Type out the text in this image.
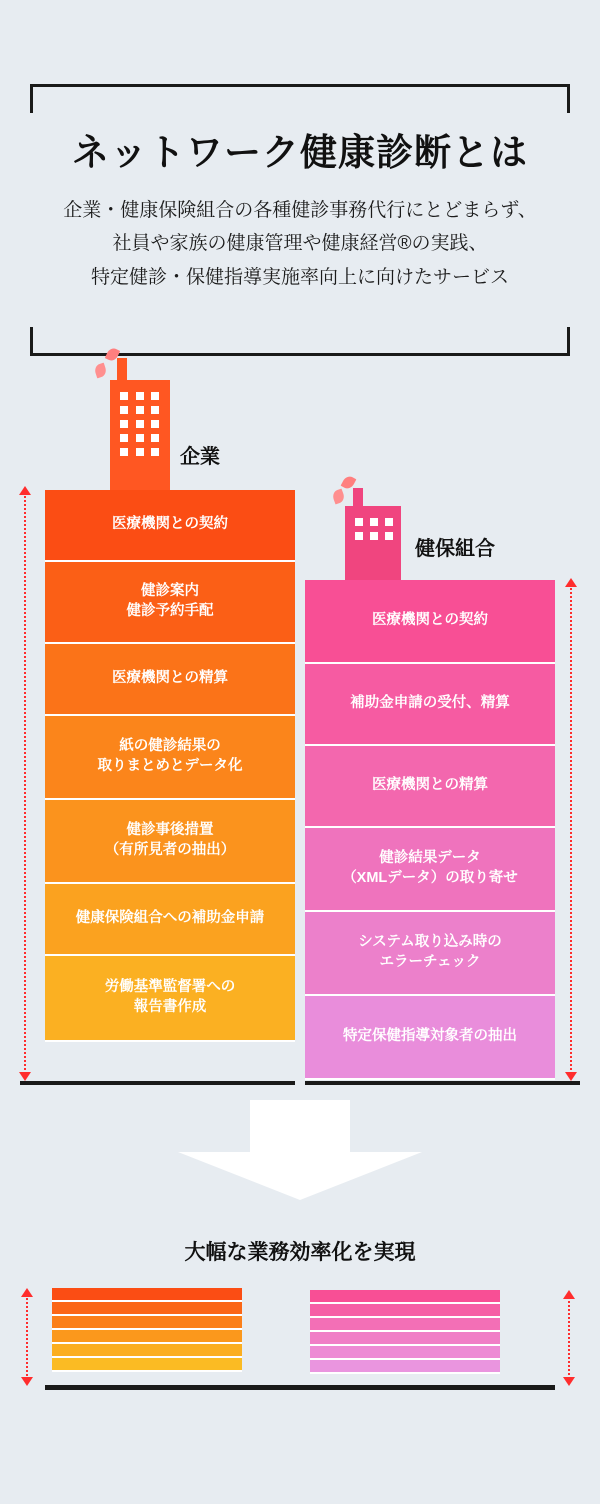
ネットワーク健康診断とは
企業・健康保険組合の各種健診事務代行にとどまらず、
社員や家族の健康管理や健康経営®の実践、
特定健診・保健指導実施率向上に向けたサービス
企業
医療機関との契約
健診案内
健診予約手配
医療機関との精算
紙の健診結果の
取りまとめとデータ化
健診事後措置
（有所見者の抽出）
健康保険組合への補助金申請
労働基準監督署への
報告書作成
健保組合
医療機関との契約
補助金申請の受付、精算
医療機関との精算
健診結果データ
（XMLデータ）の取り寄せ
システム取り込み時の
エラーチェック
特定保健指導対象者の抽出
大幅な業務効率化を実現
